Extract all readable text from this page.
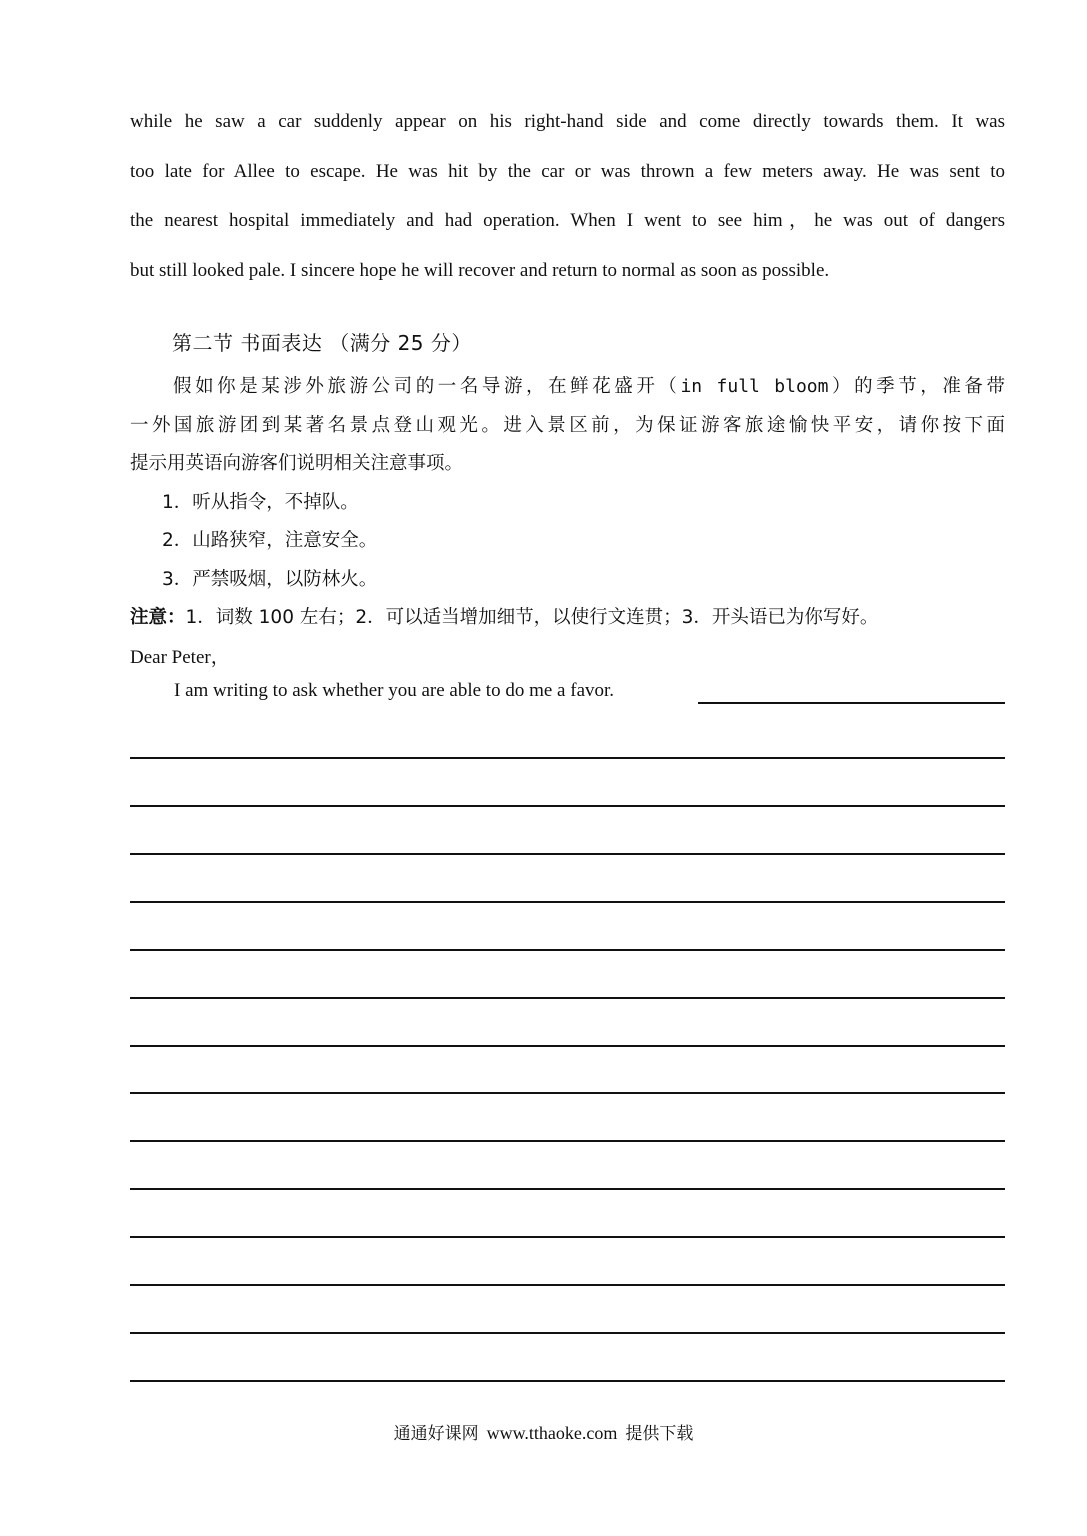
while he saw a car suddenly appear on his right-hand side and come directly towards them. It was
too late for Allee to escape. He was hit by the car or was thrown a few meters away. He was sent to
the nearest hospital immediately and had operation. When I went to see him，he was out of dangers
but still looked pale. I sincere hope he will recover and return to normal as soon as possible.
第二节 书面表达 （满分 25 分）
假如你是某涉外旅游公司的一名导游，在鲜花盛开（in full bloom）的季节，准备带
一外国旅游团到某著名景点登山观光。进入景区前，为保证游客旅途愉快平安，请你按下面
提示用英语向游客们说明相关注意事项。
1．听从指令，不掉队。
2．山路狭窄，注意安全。
3．严禁吸烟，以防林火。
注意：1．词数 100 左右；2．可以适当增加细节，以使行文连贯；3．开头语已为你写好。
Dear Peter，
I am writing to ask whether you are able to do me a favor.
通通好课网 www.tthaoke.com 提供下载
